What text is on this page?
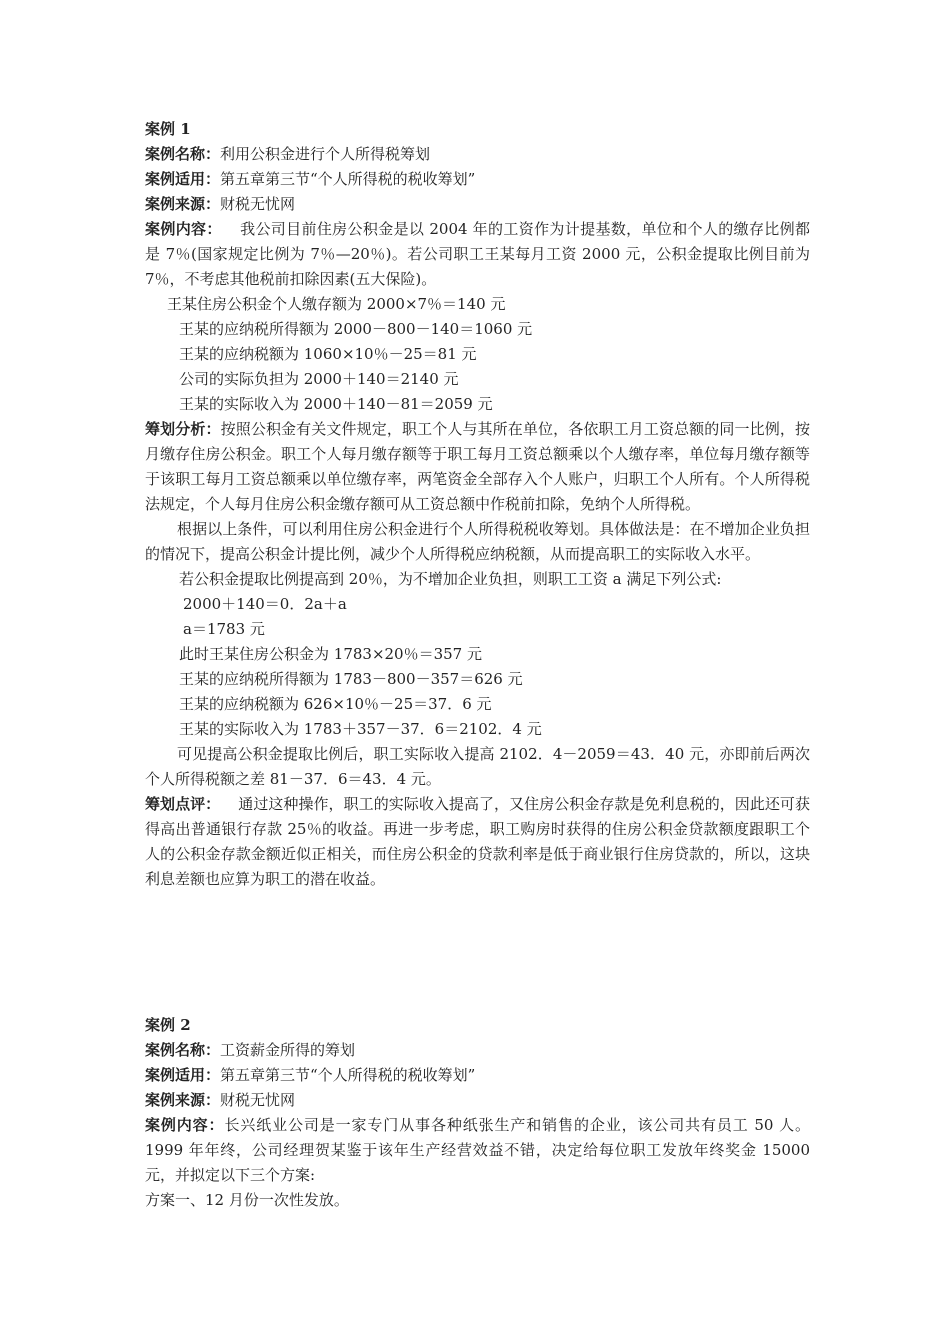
案例 1
案例名称：利用公积金进行个人所得税筹划
案例适用：第五章第三节“个人所得税的税收筹划”
案例来源：财税无忧网
案例内容： 我公司目前住房公积金是以 2004 年的工资作为计提基数，单位和个人的缴存比例都是 7％(国家规定比例为 7％—20％)。若公司职工王某每月工资 2000 元，公积金提取比例目前为 7％，不考虑其他税前扣除因素(五大保险)。
王某住房公积金个人缴存额为 2000×7％＝140 元
王某的应纳税所得额为 2000－800－140＝1060 元
王某的应纳税额为 1060×10％－25＝81 元
公司的实际负担为 2000＋140＝2140 元
王某的实际收入为 2000＋140－81＝2059 元
筹划分析：按照公积金有关文件规定，职工个人与其所在单位，各依职工月工资总额的同一比例，按月缴存住房公积金。职工个人每月缴存额等于职工每月工资总额乘以个人缴存率，单位每月缴存额等于该职工每月工资总额乘以单位缴存率，两笔资金全部存入个人账户，归职工个人所有。个人所得税法规定，个人每月住房公积金缴存额可从工资总额中作税前扣除，免纳个人所得税。
根据以上条件，可以利用住房公积金进行个人所得税税收筹划。具体做法是：在不增加企业负担的情况下，提高公积金计提比例，减少个人所得税应纳税额，从而提高职工的实际收入水平。
若公积金提取比例提高到 20％，为不增加企业负担，则职工工资 a 满足下列公式:
2000＋140＝0．2a＋a
a＝1783 元
此时王某住房公积金为 1783×20％＝357 元
王某的应纳税所得额为 1783－800－357＝626 元
王某的应纳税额为 626×10％－25＝37．6 元
王某的实际收入为 1783＋357－37．6＝2102．4 元
可见提高公积金提取比例后，职工实际收入提高 2102．4－2059＝43．40 元，亦即前后两次个人所得税额之差 81－37．6＝43．4 元。
筹划点评： 通过这种操作，职工的实际收入提高了，又住房公积金存款是免利息税的，因此还可获得高出普通银行存款 25％的收益。再进一步考虑，职工购房时获得的住房公积金贷款额度跟职工个人的公积金存款金额近似正相关，而住房公积金的贷款利率是低于商业银行住房贷款的，所以，这块利息差额也应算为职工的潜在收益。
案例 2
案例名称：工资薪金所得的筹划
案例适用：第五章第三节“个人所得税的税收筹划”
案例来源：财税无忧网
案例内容：长兴纸业公司是一家专门从事各种纸张生产和销售的企业，该公司共有员工 50 人。1999 年年终，公司经理贺某鉴于该年生产经营效益不错，决定给每位职工发放年终奖金 15000 元，并拟定以下三个方案:
方案一、12 月份一次性发放。
